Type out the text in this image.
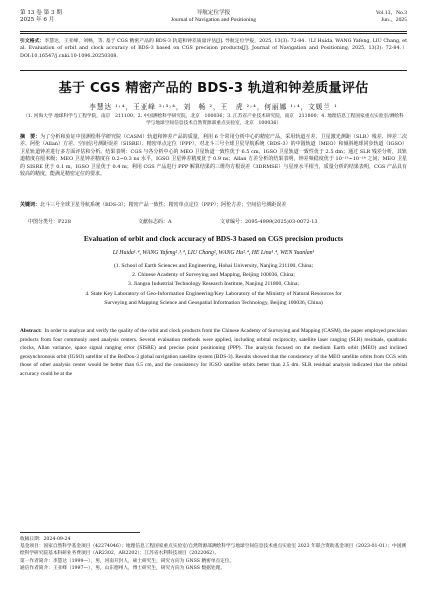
第 13 卷 第 3 期
2025 年 6 月
导航定位学报
Journal of Navigation and Positioning
Vol.13，No.3
Jun.，2025
引文格式：李慧达，王亚峰，刘畅，等. 基于 CGS 精密产品的 BDS-3 轨道和钟差质量评估[J]. 导航定位学报，2025, 13(3): 72-84.（LI Huida, WANG Yafeng, LIU Chang, et al. Evaluation of orbit and clock accuracy of BDS-3 based on CGS precision products[J]. Journal of Navigation and Positioning, 2025, 13(3): 72-84.）DOI:10.16547/j.cnki.10-1096.20250308.
基于 CGS 精密产品的 BDS-3 轨道和钟差质量评估
李慧达 ¹˒⁴，王亚峰 ²˒³˒⁴，刘　畅 ²，王　虎 ²˒⁴，何丽娜 ¹˒⁴，文媛兰 ¹
（1. 河海大学 地球科学与工程学院，南京　211100；2. 中国测绘科学研究院，北京　100036；3. 江苏省产业技术研究院，南京　211800；4. 地理信息工程国家重点实验室/测绘科学与地球空间信息技术自然资源部重点实验室，北京　100036）
摘　要：为了分析和验证中国测绘科学研究院（CASM）轨道和钟差产品的质量，利用 6 个常用分析中心的精密产品，采用轨道互差、卫星激光测距（SLR）残差、钟差二次差、阿伦（Allan）方差、空间信号测距误差（SISRE）、精密单点定位（PPP），对北斗三号全球卫星导航系统（BDS-3）的中圆轨道（MEO）和倾斜地球同步轨道（IGSO）卫星轨道钟差进行多方面评估和分析。结果表明：CGS 与各分析中心的 MEO 卫星轨道一致性优于 6.5 cm，IGSO 卫星轨道一致性优于 2.5 dm；通过 SLR 残差分析，其轨道精度在厘米级；MEO 卫星钟差精度在 0.2~0.3 ns 水平，IGSO 卫星钟差精度优于 0.9 ns；Allan 方差分析的结果表明，钟差频稳度优于 10⁻¹³~10⁻¹⁴ 之间；MEO 卫星的 SISRE 优于 0.1 m，IGSO 卫星优于 0.4 m；利用 CGS 产品进行 PPP 解算结果的三维均方根误差（3DRMSE）与星座水平相当，质量分析的结果表明，CGS 产品具有较高的精度，能满足精密定位的要求。
关键词：北斗三号全球卫星导航系统（BDS-3）；精密产品一致性；精密单点定位（PPP）；阿伦方差；空间信号测距误差
中图分类号：P228	文献标志码：A	文章编号：2095-4999(2025)03-0072-13
Evaluation of orbit and clock accuracy of BDS-3 based on CGS precision products
LI Huida¹˒⁴, WANG Yafeng²˒³˒⁴, LIU Chang², WANG Hu²˒⁴, HE Lina¹˒⁴, WEN Yuanlan¹
(1. School of Earth Sciences and Engineering, Hohai University, Nanjing 211100, China;
2. Chinese Academy of Surveying and Mapping, Beijing 100036, China;
3. Jiangsu Industrial Technology Research Institute, Nanjing 211800, China;
4. State Key Laboratory of Geo-Information Engineering/Key Laboratory of the Ministry of Natural Resources for
Surveying and Mapping Science and Geospatial Information Technology, Beijing 100036, China)
Abstract: In order to analyze and verify the quality of the orbit and clock products from the Chinese Academy of Surveying and Mapping (CASM), the paper employed precision products from four commonly used analysis centers. Several evaluation methods were applied, including orbital reciprocity, satellite laser ranging (SLR) residuals, quadratic clocks, Allan variance, space signal ranging error (SISRE) and precise point positioning (PPP). The analysis focused on the medium Earth orbit (MEO) and inclined geosynchronous orbit (IGSO) satellite of the BeiDou-3 global navigation satellite system (BDS-3). Results showed that the consistency of the MEO satellite orbits from CGS with those of other analysis center would be better than 6.5 cm, and the consistency for IGSO satellite orbits better than 2.5 dm. SLR residual analysis indicated that the orbital accuracy could be at the
收稿日期：2024-09-24
基金项目：国家自然科学基金项目（42274046）；地理信息工程国家重点实验室/自然资源部测绘科学与地球空间信息技术重点实验室 2023 年联合资助基金项目（2023-01-01）；中国测绘科学研究院基本科研业务费项目（AR2302，AR2202）；江苏省水利科技项目（2022062）。
第一作者简介：李慧达（1999—），男，河南开封人，硕士研究生，研究方向为 GNSS 精密单点定位。
通信作者简介：王亚峰（1997—），男，山东德州人，博士研究生，研究方向为 GNSS 数据处理。
